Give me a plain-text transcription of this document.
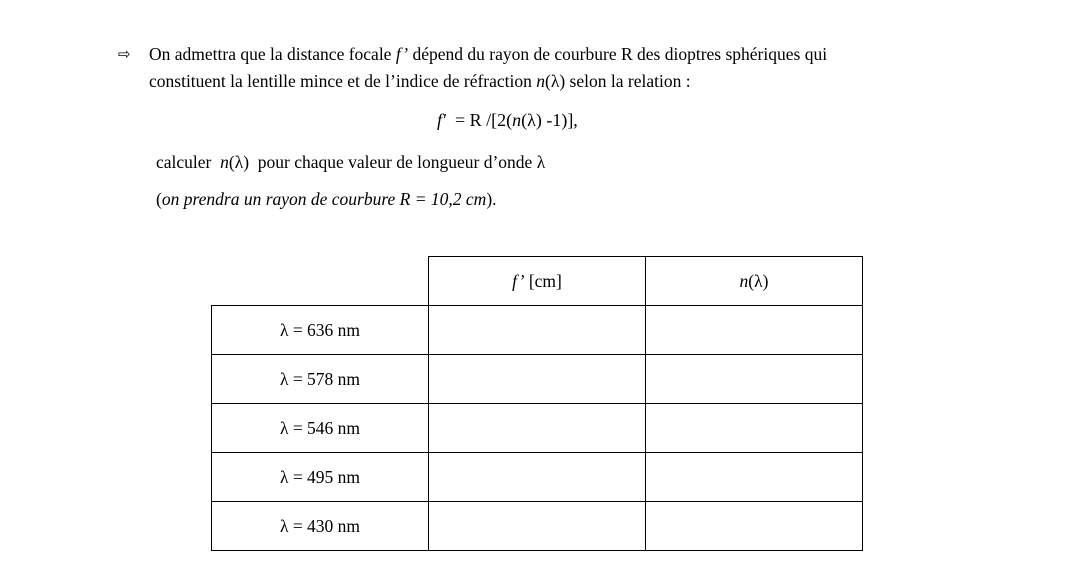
⇨ On admettra que la distance focale f’ dépend du rayon de courbure R des dioptres sphériques qui
constituent la lentille mince et de l’indice de réfraction n(λ) selon la relation :
f′  = R /[2(n(λ) -1)],
calculer  n(λ)  pour chaque valeur de longueur d’onde λ
(on prendra un rayon de courbure R = 10,2 cm).
	f’ [cm]	n(λ)
λ = 636 nm		
λ = 578 nm		
λ = 546 nm		
λ = 495 nm		
λ = 430 nm		
